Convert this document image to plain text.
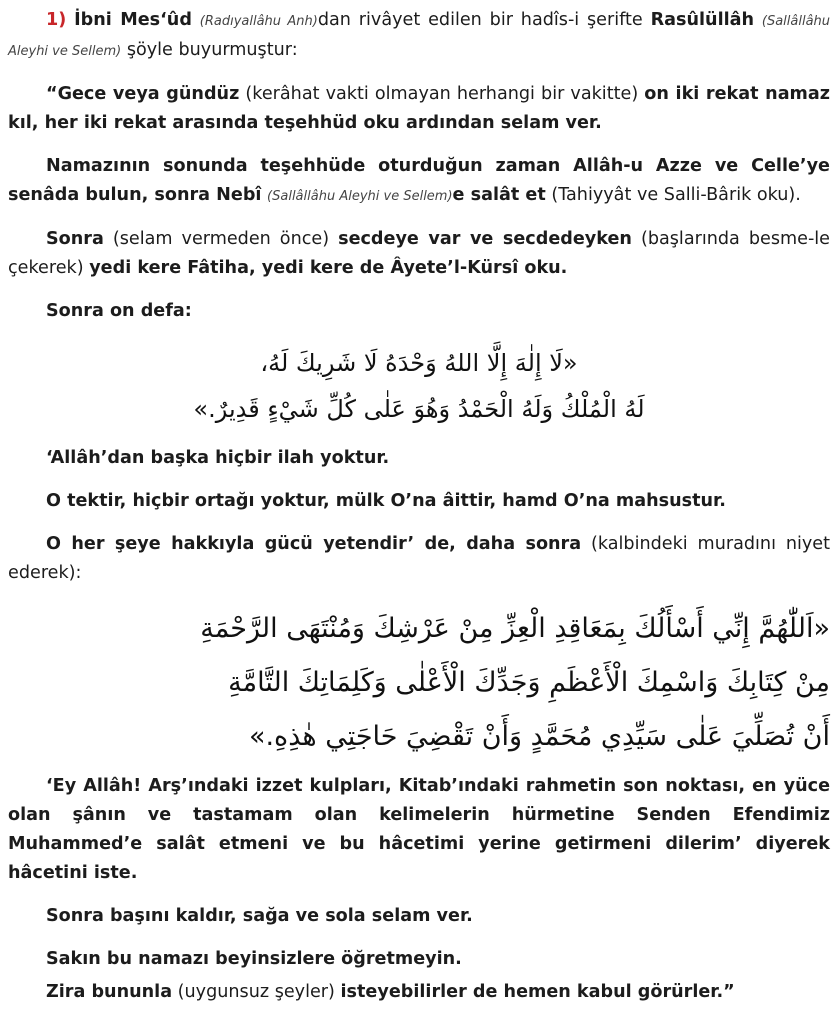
1) İbni Mes‘ûd (Radıyallâhu Anh)dan rivâyet edilen bir hadîs-i şerifte Rasûlüllâh (Sallâllâhu Aleyhi ve Sellem) şöyle buyurmuştur:

“Gece veya gündüz (kerâhat vakti olmayan herhangi bir vakitte) on iki rekat namaz kıl, her iki rekat arasında teşehhüd oku ardından selam ver.

Namazının sonunda teşehhüde oturduğun zaman Allâh-u Azze ve Celle’ye senâda bulun, sonra Nebî (Sallâllâhu Aleyhi ve Sellem)e salât et (Tahiyyât ve Salli-Bârik oku).

Sonra (selam vermeden önce) secdeye var ve secdedeyken (başlarında besme-le çekerek) yedi kere Fâtiha, yedi kere de Âyete’l-Kürsî oku.

Sonra on defa:

«لَا إِلٰهَ إِلَّا اللهُ وَحْدَهُ لَا شَرِيكَ لَهُ،
لَهُ الْمُلْكُ وَلَهُ الْحَمْدُ وَهُوَ عَلٰى كُلِّ شَيْءٍ قَدِيرٌ.»

‘Allâh’dan başka hiçbir ilah yoktur.

O tektir, hiçbir ortağı yoktur, mülk O’na âittir, hamd O’na mahsustur.

O her şeye hakkıyla gücü yetendir’ de, daha sonra (kalbindeki muradını niyet ederek):

«اَللّٰهُمَّ إِنِّي أَسْأَلُكَ بِمَعَاقِدِ الْعِزِّ مِنْ عَرْشِكَ وَمُنْتَهَى الرَّحْمَةِ
مِنْ كِتَابِكَ وَاسْمِكَ الْأَعْظَمِ وَجَدِّكَ الْأَعْلٰى وَكَلِمَاتِكَ التَّامَّةِ
أَنْ تُصَلِّيَ عَلٰى سَيِّدِي مُحَمَّدٍ وَأَنْ تَقْضِيَ حَاجَتِي هٰذِهِ.»

‘Ey Allâh! Arş’ındaki izzet kulpları, Kitab’ındaki rahmetin son noktası, en yüce olan şânın ve tastamam olan kelimelerin hürmetine Senden Efendimiz Muhammed’e salât etmeni ve bu hâcetimi yerine getirmeni dilerim’ diyerek hâcetini iste.

Sonra başını kaldır, sağa ve sola selam ver.

Sakın bu namazı beyinsizlere öğretmeyin.

Zira bununla (uygunsuz şeyler) isteyebilirler de hemen kabul görürler.”
